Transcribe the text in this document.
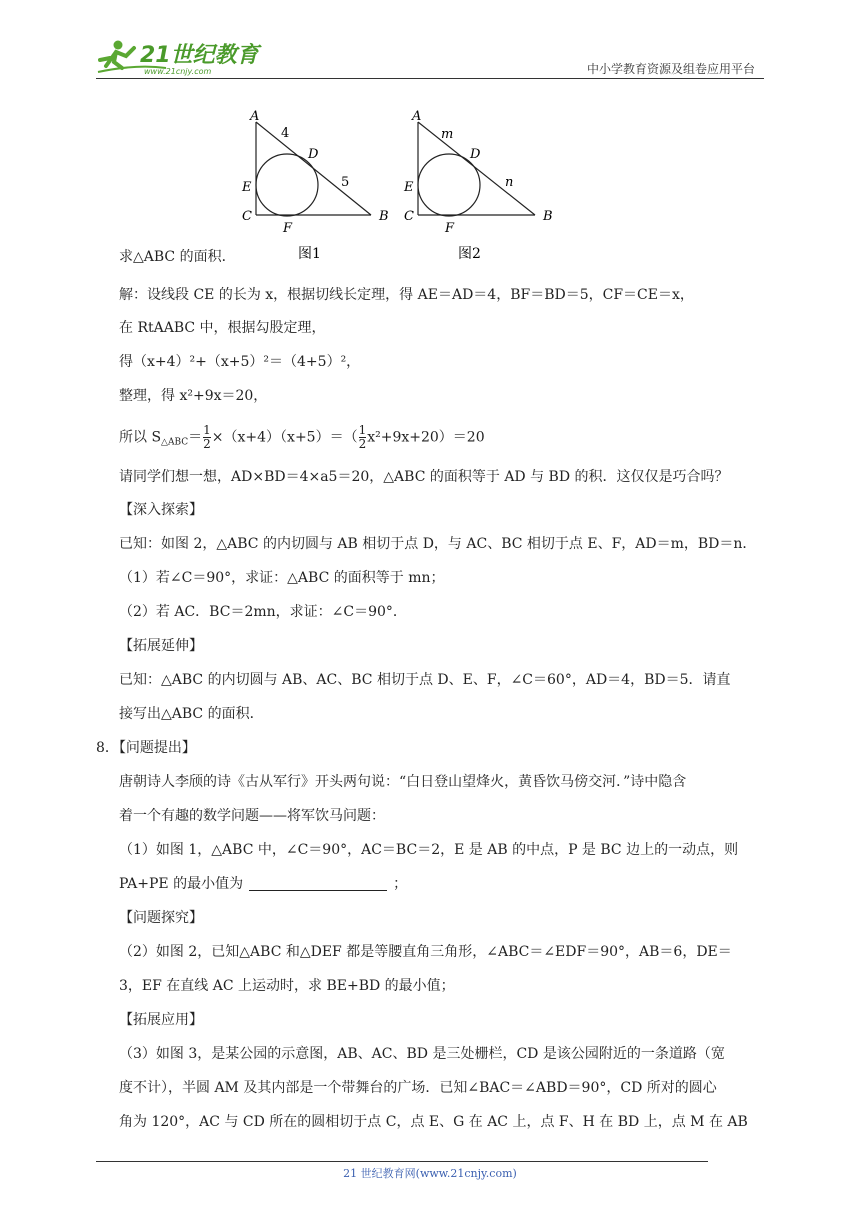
21世纪教育
www.21cnjy.com	中小学教育资源及组卷应用平台
A
4
D
5
E
C
F
B
图1
A
m
D
n
E
C
F
B
图2
求△ABC 的面积．
解：设线段 CE 的长为 x，根据切线长定理，得 AE＝AD＝4，BF＝BD＝5，CF＝CE＝x，
在 RtAABC 中，根据勾股定理，
得（x+4）²+（x+5）²＝（4+5）²，
整理，得 x²+9x＝20，
所以 $S_{\triangle ABC}= \frac{1}{2} \times(x+4)(x+5)=( \frac{1}{2} x^2+9x+20)=20$
请同学们想一想，AD×BD＝4×a5＝20，△ABC 的面积等于 AD 与 BD 的积．这仅仅是巧合吗？
【深入探索】
已知：如图 2，△ABC 的内切圆与 AB 相切于点 D，与 AC、BC 相切于点 E、F，AD＝m，BD＝n．
（1）若∠C＝90°，求证：△ABC 的面积等于 mn；
（2）若 AC．BC＝2mn，求证：∠C＝90°．
【拓展延伸】
已知：△ABC 的内切圆与 AB、AC、BC 相切于点 D、E、F，∠C＝60°，AD＝4，BD＝5．请直
接写出△ABC 的面积．
8．【问题提出】
唐朝诗人李颀的诗《古从军行》开头两句说：“白日登山望烽火，黄昏饮马傍交河．”诗中隐含
着一个有趣的数学问题——将军饮马问题：
（1）如图 1，△ABC 中，∠C＝90°，AC＝BC＝2，E 是 AB 的中点，P 是 BC 边上的一动点，则
PA+PE 的最小值为	；
【问题探究】
（2）如图 2，已知△ABC 和△DEF 都是等腰直角三角形，∠ABC＝∠EDF＝90°，AB＝6，DE＝
3，EF 在直线 AC 上运动时，求 BE+BD 的最小值；
【拓展应用】
（3）如图 3，是某公园的示意图，AB、AC、BD 是三处栅栏，CD 是该公园附近的一条道路（宽
度不计），半圆 AM 及其内部是一个带舞台的广场．已知∠BAC＝∠ABD＝90°，CD 所对的圆心
角为 120°，AC 与 CD 所在的圆相切于点 C，点 E、G 在 AC 上，点 F、H 在 BD 上，点 M 在 AB
21 世纪教育网(www.21cnjy.com)
